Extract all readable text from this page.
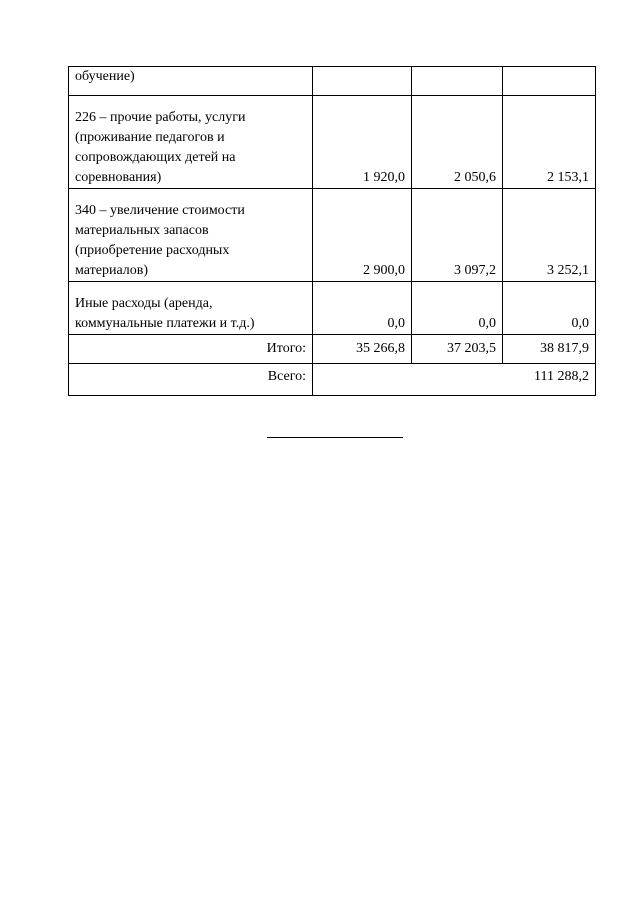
обучение)			

226 – прочие работы, услуги
(проживание педагогов и
сопровождающих детей на
соревнования)	1 920,0	2 050,6	2 153,1

340 – увеличение стоимости
материальных запасов
(приобретение расходных
материалов)	2 900,0	3 097,2	3 252,1

Иные расходы (аренда,
коммунальные платежи и т.д.)	0,0	0,0	0,0
Итого:	35 266,8	37 203,5	38 817,9
Всего:	111 288,2		
